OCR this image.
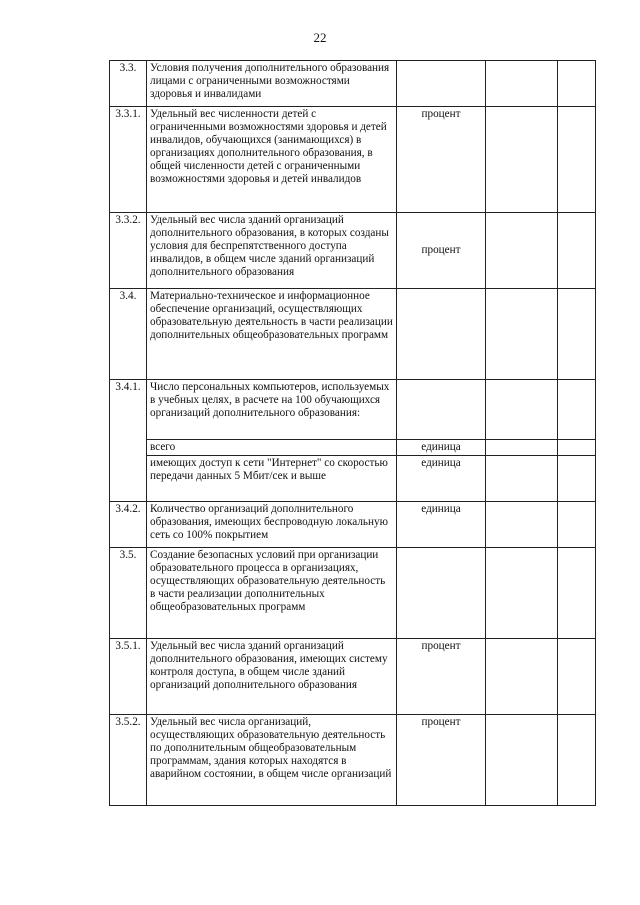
22
3.3.	Условия получения дополнительного образования лицами с ограниченными возможностями здоровья и инвалидами			
3.3.1.	Удельный вес численности детей с ограниченными возможностями здоровья и детей инвалидов, обучающихся (занимающихся) в организациях дополнительного образования, в общей численности детей с ограниченными возможностями здоровья и детей инвалидов	процент		
3.3.2.	Удельный вес числа зданий организаций дополнительного образования, в которых созданы условия для беспрепятственного доступа инвалидов, в общем числе зданий организаций дополнительного образования	процент		
3.4.	Материально-техническое и информационное обеспечение организаций, осуществляющих образовательную деятельность в части реализации дополнительных общеобразовательных программ			
3.4.1.	Число персональных компьютеров, используемых в учебных целях, в расчете на 100 обучающихся организаций дополнительного образования:			
	всего	единица		
	имеющих доступ к сети "Интернет" со скоростью передачи данных 5 Мбит/сек и выше	единица		
3.4.2.	Количество организаций дополнительного образования, имеющих беспроводную локальную сеть со 100% покрытием	единица		
3.5.	Создание безопасных условий при организации образовательного процесса в организациях, осуществляющих образовательную деятельность в части реализации дополнительных общеобразовательных программ			
3.5.1.	Удельный вес числа зданий организаций дополнительного образования, имеющих систему контроля доступа, в общем числе зданий организаций дополнительного образования	процент		
3.5.2.	Удельный вес числа организаций, осуществляющих образовательную деятельность по дополнительным общеобразовательным программам, здания которых находятся в аварийном состоянии, в общем числе организаций	процент		
